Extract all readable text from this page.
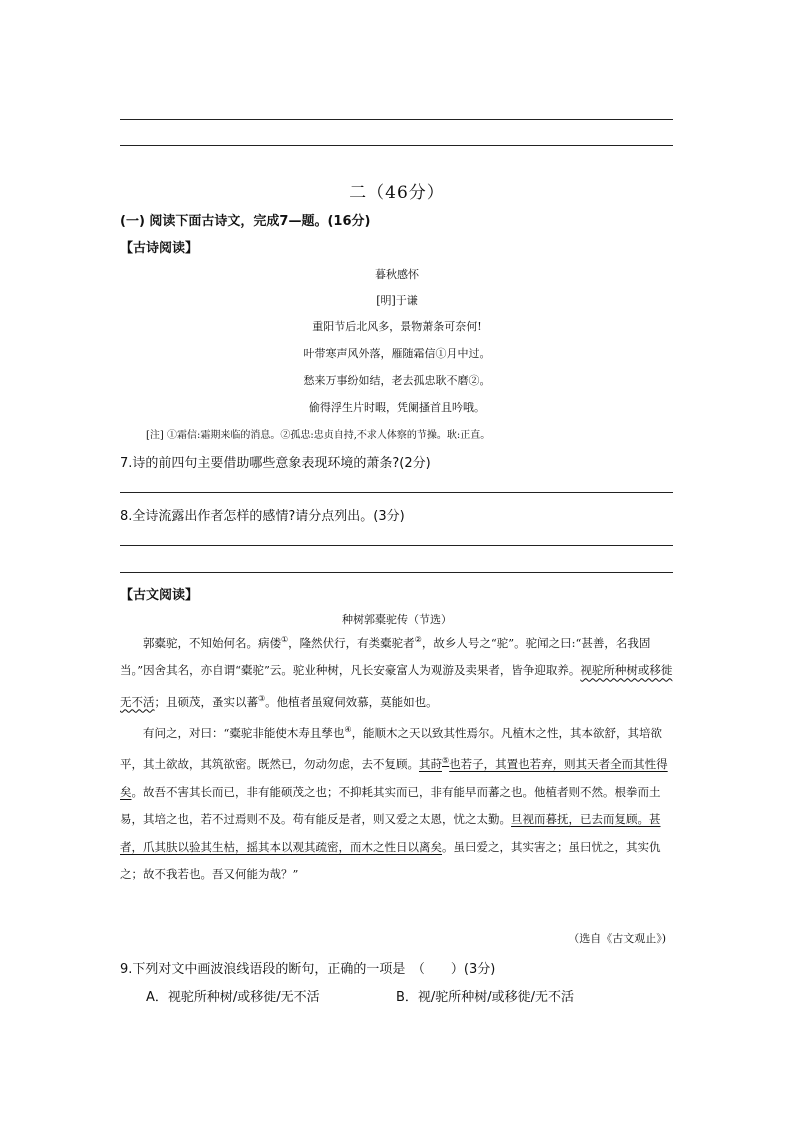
二（46分）
(一) 阅读下面古诗文，完成7—题。(16分)
【古诗阅读】
暮秋感怀
[明]于谦
重阳节后北风多，景物萧条可奈何!
叶带寒声风外落，雁随霜信①月中过。
愁来万事纷如结，老去孤忠耿不磨②。
偷得浮生片时暇，凭阑搔首且吟哦。
[注] ①霜信:霜期来临的消息。②孤忠:忠贞自持,不求人体察的节操。耿:正直。
7.诗的前四句主要借助哪些意象表现环境的萧条?(2分)
8.全诗流露出作者怎样的感情?请分点列出。(3分)
【古文阅读】
种树郭橐驼传（节选）

郭橐驼，不知始何名。病偻①，隆然伏行，有类橐驼者②，故乡人号之“驼”。驼闻之曰:“甚善，名我固当。”因舍其名，亦自谓“橐驼”云。驼业种树，凡长安豪富人为观游及卖果者，皆争迎取养。视驼所种树或移徙无不活；且硕茂，蚤实以蕃③。他植者虽窥伺效慕，莫能如也。

有问之，对曰：“橐驼非能使木寿且孳也④，能顺木之天以致其性焉尔。凡植木之性，其本欲舒，其培欲平，其土欲故，其筑欲密。既然已，勿动勿虑，去不复顾。其莳⑤也若子，其置也若弃，则其天者全而其性得矣。故吾不害其长而已，非有能硕茂之也；不抑耗其实而已，非有能早而蕃之也。他植者则不然。根拳而土易，其培之也，若不过焉则不及。苟有能反是者，则又爱之太恩，忧之太勤。旦视而暮抚，已去而复顾。甚者，爪其肤以验其生枯，摇其本以观其疏密，而木之性日以离矣。虽曰爱之，其实害之；虽曰忧之，其实仇之；故不我若也。吾又何能为哉？”

（选自《古文观止》)
9.下列对文中画波浪线语段的断句，正确的一项是　（　　）(3分)
A．视驼所种树/或移徙/无不活	B．视/驼所种树/或移徙/无不活
